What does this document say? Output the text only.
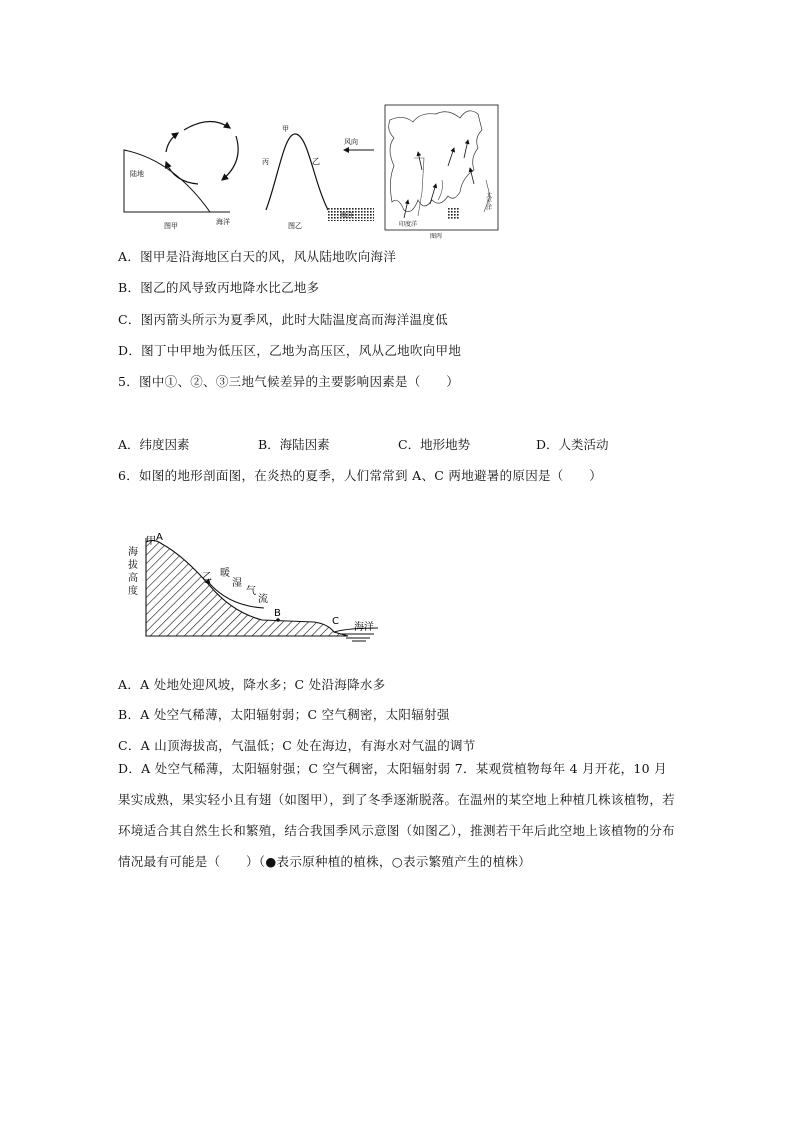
陆地
海洋
图甲
甲
丙	乙
图乙
风向
海洋
太平洋
印度洋
图丙
A．图甲是沿海地区白天的风，风从陆地吹向海洋
B．图乙的风导致丙地降水比乙地多
C．图丙箭头所示为夏季风，此时大陆温度高而海洋温度低
D．图丁中甲地为低压区，乙地为高压区，风从乙地吹向甲地
5．图中①、②、③三地气候差异的主要影响因素是（　　）
A．纬度因素	B．海陆因素	C．地形地势	D．人类活动
6．如图的地形剖面图，在炎热的夏季，人们常常到 A、C 两地避暑的原因是（　　）
海
拔
高
度
甲 A
乙 暖
湿
气
流
B
C
海洋
A．A 处地处迎风坡，降水多；C 处沿海降水多
B．A 处空气稀薄，太阳辐射弱；C 空气稠密，太阳辐射强
C．A 山顶海拔高，气温低；C 处在海边，有海水对气温的调节
D．A 处空气稀薄，太阳辐射强；C 空气稠密，太阳辐射弱 7．某观赏植物每年 4 月开花，10 月果实成熟，果实轻小且有翅（如图甲），到了冬季逐渐脱落。在温州的某空地上种植几株该植物，若环境适合其自然生长和繁殖，结合我国季风示意图（如图乙），推测若干年后此空地上该植物的分布情况最有可能是（　　）（●表示原种植的植株，○表示繁殖产生的植株）
